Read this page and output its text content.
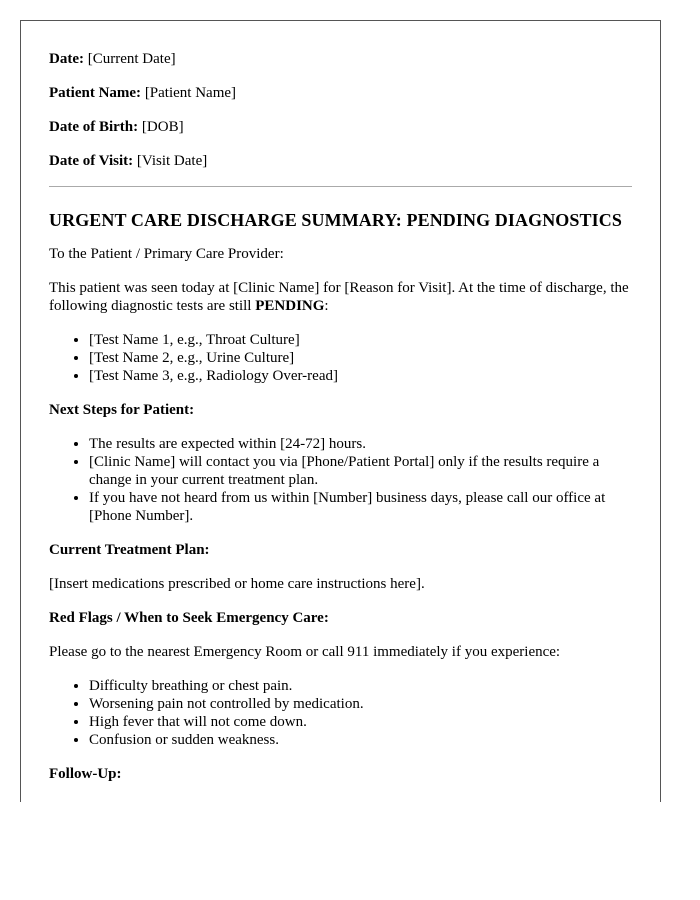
Date: [Current Date]
Patient Name: [Patient Name]
Date of Birth: [DOB]
Date of Visit: [Visit Date]
URGENT CARE DISCHARGE SUMMARY: PENDING DIAGNOSTICS

To the Patient / Primary Care Provider:

This patient was seen today at [Clinic Name] for [Reason for Visit]. At the time of discharge, the following diagnostic tests are still PENDING:

• [Test Name 1, e.g., Throat Culture]
• [Test Name 2, e.g., Urine Culture]
• [Test Name 3, e.g., Radiology Over-read]
Next Steps for Patient:
• The results are expected within [24-72] hours.
• [Clinic Name] will contact you via [Phone/Patient Portal] only if the results require a change in your current treatment plan.
• If you have not heard from us within [Number] business days, please call our office at [Phone Number].
Current Treatment Plan:

[Insert medications prescribed or home care instructions here].

Red Flags / When to Seek Emergency Care:

Please go to the nearest Emergency Room or call 911 immediately if you experience:

• Difficulty breathing or chest pain.
• Worsening pain not controlled by medication.
• High fever that will not come down.
• Confusion or sudden weakness.
Follow-Up:
